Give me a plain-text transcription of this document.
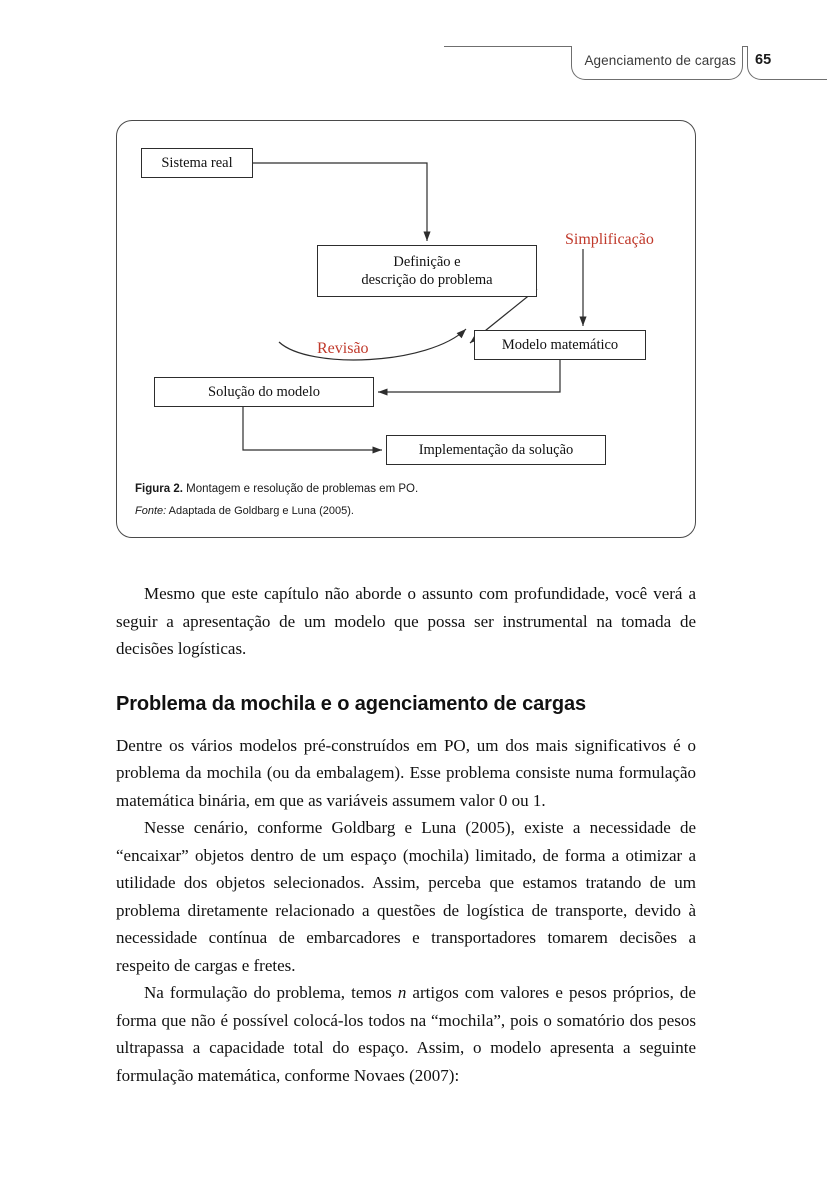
Agenciamento de cargas 65
Sistema real
Definição e
descrição do problema
Modelo matemático
Solução do modelo
Implementação da solução
Simplificação
Revisão
Figura 2. Montagem e resolução de problemas em PO.
Fonte: Adaptada de Goldbarg e Luna (2005).

Mesmo que este capítulo não aborde o assunto com profundidade, você verá a seguir a apresentação de um modelo que possa ser instrumental na tomada de decisões logísticas.

Problema da mochila e o agenciamento de cargas

Dentre os vários modelos pré-construídos em PO, um dos mais significativos é o problema da mochila (ou da embalagem). Esse problema consiste numa formulação matemática binária, em que as variáveis assumem valor 0 ou 1.

Nesse cenário, conforme Goldbarg e Luna (2005), existe a necessidade de “encaixar” objetos dentro de um espaço (mochila) limitado, de forma a otimizar a utilidade dos objetos selecionados. Assim, perceba que estamos tratando de um problema diretamente relacionado a questões de logística de transporte, devido à necessidade contínua de embarcadores e transportadores tomarem decisões a respeito de cargas e fretes.

Na formulação do problema, temos n artigos com valores e pesos próprios, de forma que não é possível colocá-los todos na “mochila”, pois o somatório dos pesos ultrapassa a capacidade total do espaço. Assim, o modelo apresenta a seguinte formulação matemática, conforme Novaes (2007):
